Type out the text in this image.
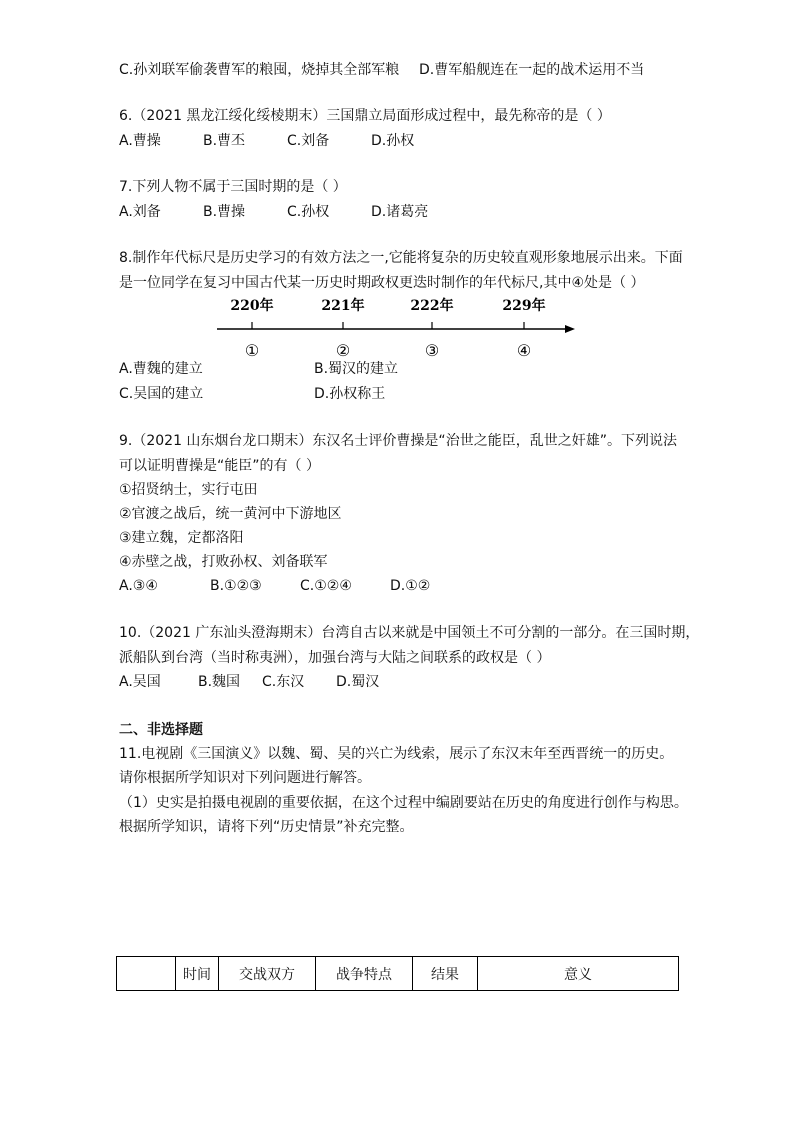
C.孙刘联军偷袭曹军的粮囤，烧掉其全部军粮 D.曹军船舰连在一起的战术运用不当
6.（2021 黑龙江绥化绥棱期末）三国鼎立局面形成过程中，最先称帝的是（ ）
A.曹操	B.曹丕	C.刘备	D.孙权
7.下列人物不属于三国时期的是（ ）
A.刘备	B.曹操	C.孙权	D.诸葛亮
8.制作年代标尺是历史学习的有效方法之一,它能将复杂的历史较直观形象地展示出来。下面
是一位同学在复习中国古代某一历史时期政权更迭时制作的年代标尺,其中④处是（ ）
220年	221年	222年	229年
①	②	③	④
A.曹魏的建立	B.蜀汉的建立
C.吴国的建立	D.孙权称王
9.（2021 山东烟台龙口期末）东汉名士评价曹操是“治世之能臣，乱世之奸雄”。下列说法
可以证明曹操是“能臣”的有（ ）
①招贤纳士，实行屯田
②官渡之战后，统一黄河中下游地区
③建立魏，定都洛阳
④赤壁之战，打败孙权、刘备联军
A.③④	B.①②③	C.①②④	D.①②
10.（2021 广东汕头澄海期末）台湾自古以来就是中国领土不可分割的一部分。在三国时期，
派船队到台湾（当时称夷洲），加强台湾与大陆之间联系的政权是（ ）
A.吴国	B.魏国 C.东汉 D.蜀汉
二、非选择题
11.电视剧《三国演义》以魏、蜀、吴的兴亡为线索，展示了东汉末年至西晋统一的历史。
请你根据所学知识对下列问题进行解答。
（1）史实是拍摄电视剧的重要依据，在这个过程中编剧要站在历史的角度进行创作与构思。
根据所学知识，请将下列“历史情景”补充完整。
	时间	交战双方	战争特点	结果	意义
